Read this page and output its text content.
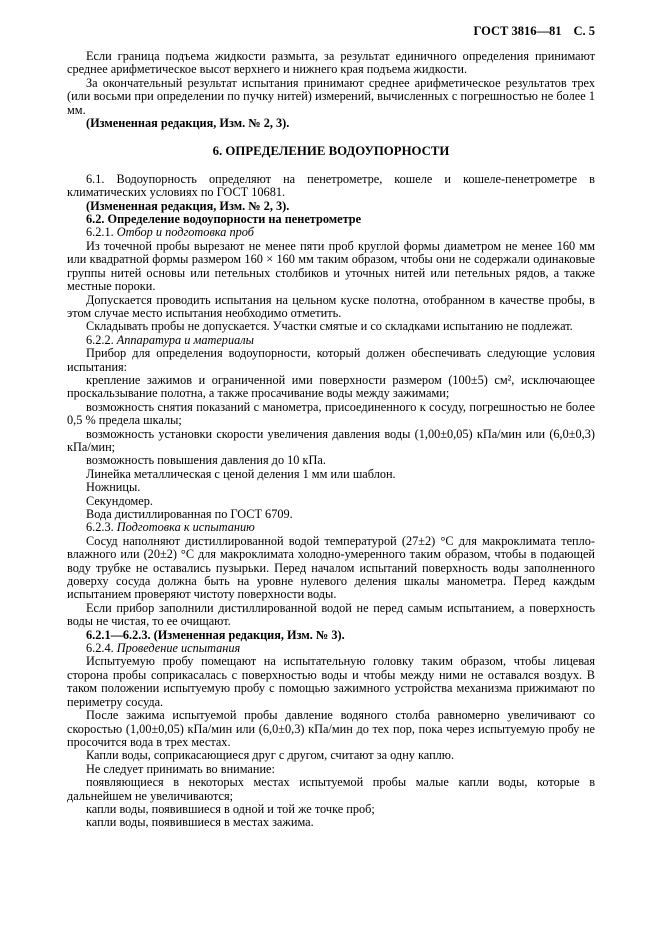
ГОСТ 3816—81 С. 5

Если граница подъема жидкости размыта, за результат единичного определения принимают среднее арифметическое высот верхнего и нижнего края подъема жидкости.

За окончательный результат испытания принимают среднее арифметическое результатов трех (или восьми при определении по пучку нитей) измерений, вычисленных с погрешностью не более 1 мм.

(Измененная редакция, Изм. № 2, 3).

6. ОПРЕДЕЛЕНИЕ ВОДОУПОРНОСТИ

6.1. Водоупорность определяют на пенетрометре, кошеле и кошеле-пенетрометре в климатических условиях по ГОСТ 10681.

(Измененная редакция, Изм. № 2, 3).

6.2. Определение водоупорности на пенетрометре

6.2.1. Отбор и подготовка проб

Из точечной пробы вырезают не менее пяти проб круглой формы диаметром не менее 160 мм или квадратной формы размером 160 × 160 мм таким образом, чтобы они не содержали одинаковые группы нитей основы или петельных столбиков и уточных нитей или петельных рядов, а также местные пороки.

Допускается проводить испытания на цельном куске полотна, отобранном в качестве пробы, в этом случае место испытания необходимо отметить.

Складывать пробы не допускается. Участки смятые и со складками испытанию не подлежат.

6.2.2. Аппаратура и материалы

Прибор для определения водоупорности, который должен обеспечивать следующие условия испытания:

крепление зажимов и ограниченной ими поверхности размером (100±5) см², исключающее проскальзывание полотна, а также просачивание воды между зажимами;

возможность снятия показаний с манометра, присоединенного к сосуду, погрешностью не более 0,5 % предела шкалы;

возможность установки скорости увеличения давления воды (1,00±0,05) кПа/мин или (6,0±0,3) кПа/мин;

возможность повышения давления до 10 кПа.

Линейка металлическая с ценой деления 1 мм или шаблон.

Ножницы.

Секундомер.

Вода дистиллированная по ГОСТ 6709.

6.2.3. Подготовка к испытанию

Сосуд наполняют дистиллированной водой температурой (27±2) °С для макроклимата тепло-влажного или (20±2) °С для макроклимата холодно-умеренного таким образом, чтобы в подающей воду трубке не оставались пузырьки. Перед началом испытаний поверхность воды заполненного доверху сосуда должна быть на уровне нулевого деления шкалы манометра. Перед каждым испытанием проверяют чистоту поверхности воды.

Если прибор заполнили дистиллированной водой не перед самым испытанием, а поверхность воды не чистая, то ее очищают.

6.2.1—6.2.3. (Измененная редакция, Изм. № 3).

6.2.4. Проведение испытания

Испытуемую пробу помещают на испытательную головку таким образом, чтобы лицевая сторона пробы соприкасалась с поверхностью воды и чтобы между ними не оставался воздух. В таком положении испытуемую пробу с помощью зажимного устройства механизма прижимают по периметру сосуда.

После зажима испытуемой пробы давление водяного столба равномерно увеличивают со скоростью (1,00±0,05) кПа/мин или (6,0±0,3) кПа/мин до тех пор, пока через испытуемую пробу не просочится вода в трех местах.

Капли воды, соприкасающиеся друг с другом, считают за одну каплю.

Не следует принимать во внимание:

появляющиеся в некоторых местах испытуемой пробы малые капли воды, которые в дальнейшем не увеличиваются;

капли воды, появившиеся в одной и той же точке проб;

капли воды, появившиеся в местах зажима.
